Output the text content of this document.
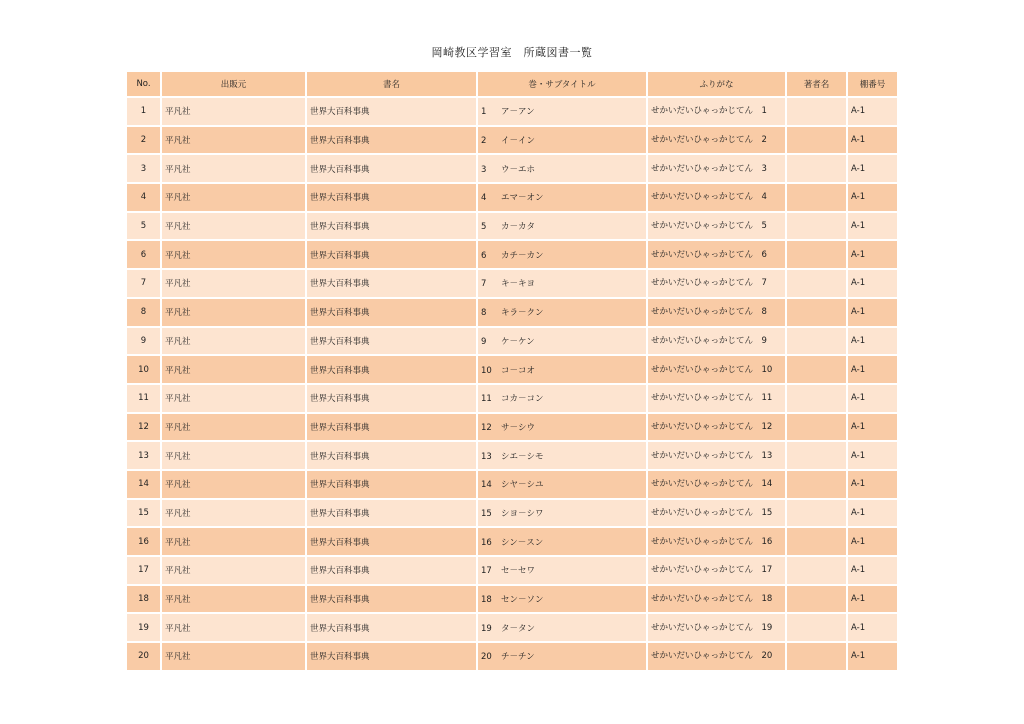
岡崎教区学習室　所蔵図書一覧
No.	出販元	書名	巻・サブタイトル	ふりがな	著者名	棚番号
1	平凡社	世界大百科事典	1 ア－アン	せかいだいひゃっかじてん　1		A-1
2	平凡社	世界大百科事典	2 イ－イン	せかいだいひゃっかじてん　2		A-1
3	平凡社	世界大百科事典	3 ウ－エホ	せかいだいひゃっかじてん　3		A-1
4	平凡社	世界大百科事典	4 エマ－オン	せかいだいひゃっかじてん　4		A-1
5	平凡社	世界大百科事典	5 カ－カタ	せかいだいひゃっかじてん　5		A-1
6	平凡社	世界大百科事典	6 カチ－カン	せかいだいひゃっかじてん　6		A-1
7	平凡社	世界大百科事典	7 キ－キヨ	せかいだいひゃっかじてん　7		A-1
8	平凡社	世界大百科事典	8 キラ－クン	せかいだいひゃっかじてん　8		A-1
9	平凡社	世界大百科事典	9 ケ－ケン	せかいだいひゃっかじてん　9		A-1
10	平凡社	世界大百科事典	10 コ－コオ	せかいだいひゃっかじてん　10		A-1
11	平凡社	世界大百科事典	11 コカ－コン	せかいだいひゃっかじてん　11		A-1
12	平凡社	世界大百科事典	12 サ－シウ	せかいだいひゃっかじてん　12		A-1
13	平凡社	世界大百科事典	13 シエ－シモ	せかいだいひゃっかじてん　13		A-1
14	平凡社	世界大百科事典	14 シヤ－シユ	せかいだいひゃっかじてん　14		A-1
15	平凡社	世界大百科事典	15 シヨ－シワ	せかいだいひゃっかじてん　15		A-1
16	平凡社	世界大百科事典	16 シン－スン	せかいだいひゃっかじてん　16		A-1
17	平凡社	世界大百科事典	17 セ－セワ	せかいだいひゃっかじてん　17		A-1
18	平凡社	世界大百科事典	18 セン－ソン	せかいだいひゃっかじてん　18		A-1
19	平凡社	世界大百科事典	19 タ－タン	せかいだいひゃっかじてん　19		A-1
20	平凡社	世界大百科事典	20 チ－チン	せかいだいひゃっかじてん　20		A-1
